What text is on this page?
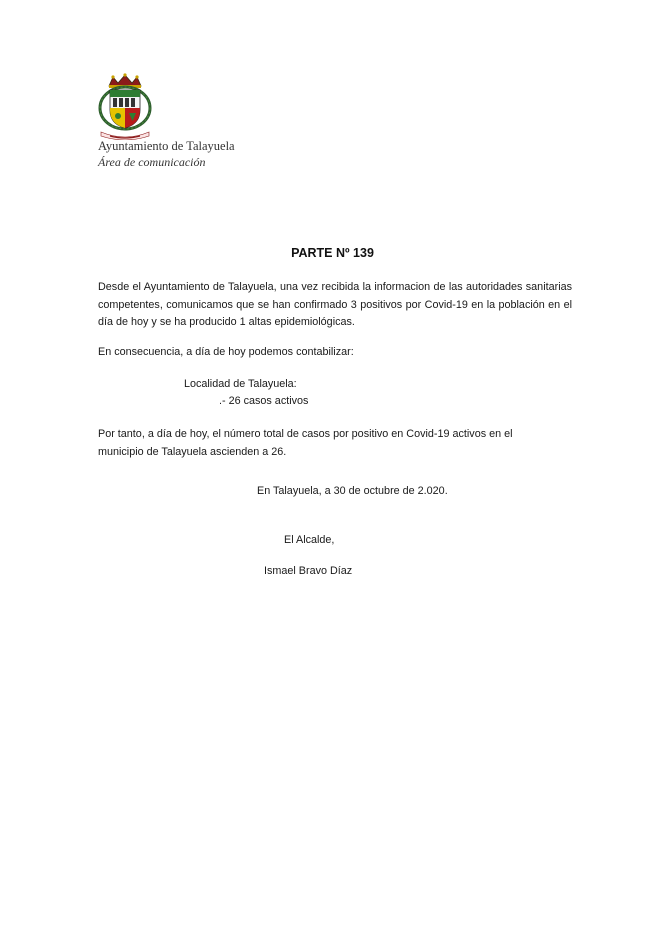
Ayuntamiento de Talayuela
Área de comunicación
PARTE Nº 139
Desde el Ayuntamiento de Talayuela, una vez recibida la informacion de las autoridades sanitarias competentes, comunicamos que se han confirmado 3 positivos por Covid-19 en la población en el día de hoy y se ha producido 1 altas epidemiológicas.
En consecuencia, a día de hoy podemos contabilizar:
Localidad de Talayuela:
.- 26 casos activos
Por tanto, a día de hoy, el número total de casos por positivo en Covid-19 activos en el municipio de Talayuela ascienden a 26.
En Talayuela, a 30 de octubre de 2.020.
El Alcalde,
Ismael Bravo Díaz
